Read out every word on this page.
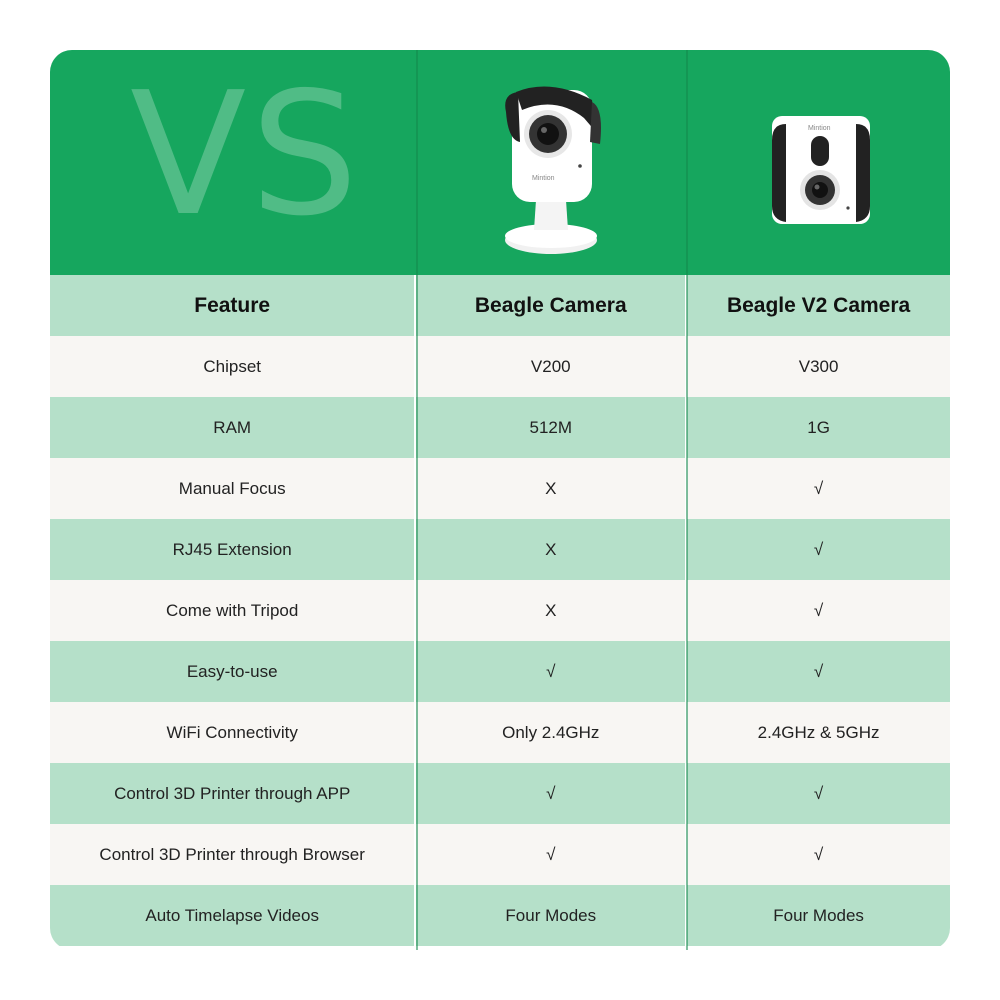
VS	Mintion
Mintion
Feature	Beagle Camera	Beagle V2 Camera
Chipset	V200	V300
RAM	512M	1G
Manual Focus	X	√
RJ45 Extension	X	√
Come with Tripod	X	√
Easy-to-use	√	√
WiFi Connectivity	Only 2.4GHz	2.4GHz & 5GHz
Control 3D Printer through APP	√	√
Control 3D Printer through Browser	√	√
Auto Timelapse Videos	Four Modes	Four Modes
